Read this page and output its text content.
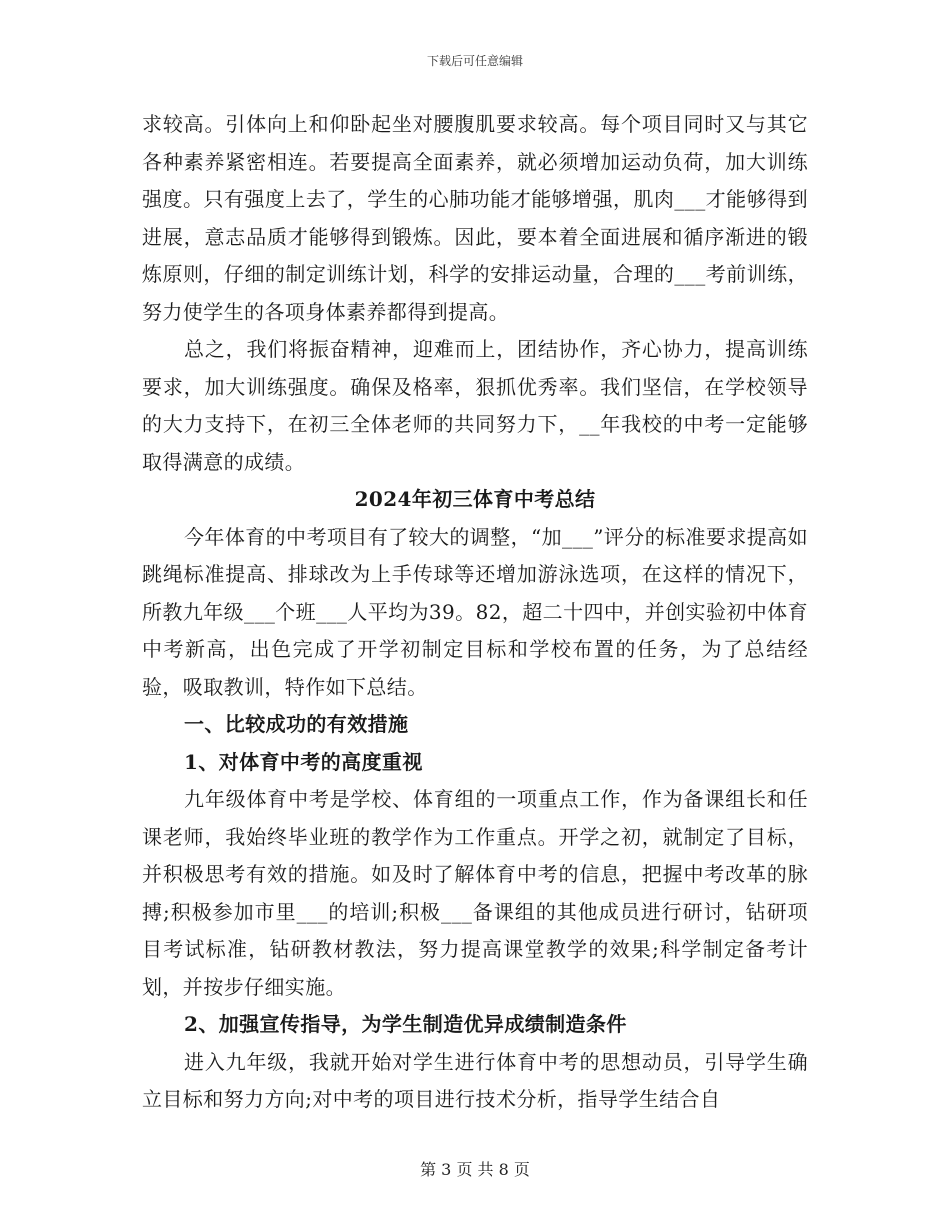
下载后可任意编辑

求较高。引体向上和仰卧起坐对腰腹肌要求较高。每个项目同时又与其它各种素养紧密相连。若要提高全面素养，就必须增加运动负荷，加大训练强度。只有强度上去了，学生的心肺功能才能够增强，肌肉___才能够得到进展，意志品质才能够得到锻炼。因此，要本着全面进展和循序渐进的锻炼原则，仔细的制定训练计划，科学的安排运动量，合理的___考前训练，努力使学生的各项身体素养都得到提高。

总之，我们将振奋精神，迎难而上，团结协作，齐心协力，提高训练要求，加大训练强度。确保及格率，狠抓优秀率。我们坚信，在学校领导的大力支持下，在初三全体老师的共同努力下，__年我校的中考一定能够取得满意的成绩。

2024年初三体育中考总结

今年体育的中考项目有了较大的调整，“加___”评分的标准要求提高如跳绳标准提高、排球改为上手传球等还增加游泳选项，在这样的情况下，所教九年级___个班___人平均为39。82，超二十四中，并创实验初中体育中考新高，出色完成了开学初制定目标和学校布置的任务，为了总结经验，吸取教训，特作如下总结。

一、比较成功的有效措施

1、对体育中考的高度重视

九年级体育中考是学校、体育组的一项重点工作，作为备课组长和任课老师，我始终毕业班的教学作为工作重点。开学之初，就制定了目标，并积极思考有效的措施。如及时了解体育中考的信息，把握中考改革的脉搏;积极参加市里___的培训;积极___备课组的其他成员进行研讨，钻研项目考试标准，钻研教材教法，努力提高课堂教学的效果;科学制定备考计划，并按步仔细实施。

2、加强宣传指导，为学生制造优异成绩制造条件

进入九年级，我就开始对学生进行体育中考的思想动员，引导学生确立目标和努力方向;对中考的项目进行技术分析，指导学生结合自

第 3 页 共 8 页
